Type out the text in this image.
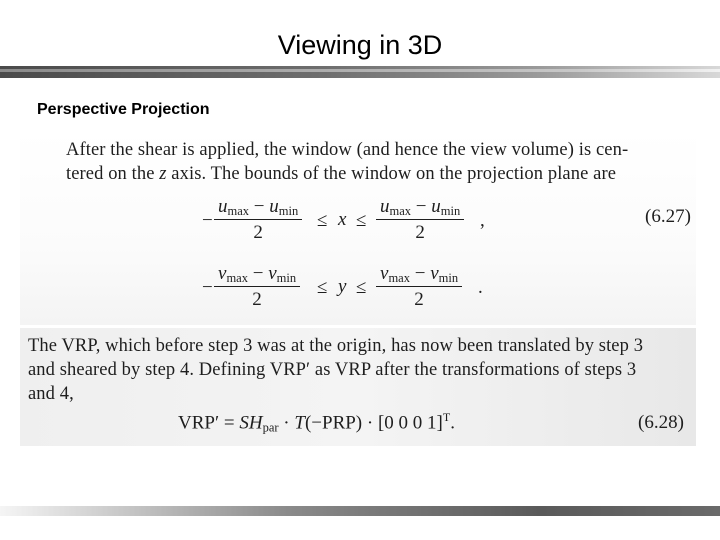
Viewing in 3D
Perspective Projection
After the shear is applied, the window (and hence the view volume) is cen-
tered on the z axis. The bounds of the window on the projection plane are
−
$u_{max} - u_{min}$
2
≤ x ≤
$u_{max} - u_{min}$
2
,	(6.27)
−
$v_{max} - v_{min}$
2
≤ y ≤
$v_{max} - v_{min}$
2
.
The VRP, which before step 3 was at the origin, has now been translated by step 3
and sheared by step 4. Defining VRP′ as VRP after the transformations of steps 3
and 4,
$VRP' = SH_{par} \cdot T(-PRP) \cdot [0$ 0 0 1]$^T$.	(6.28)
